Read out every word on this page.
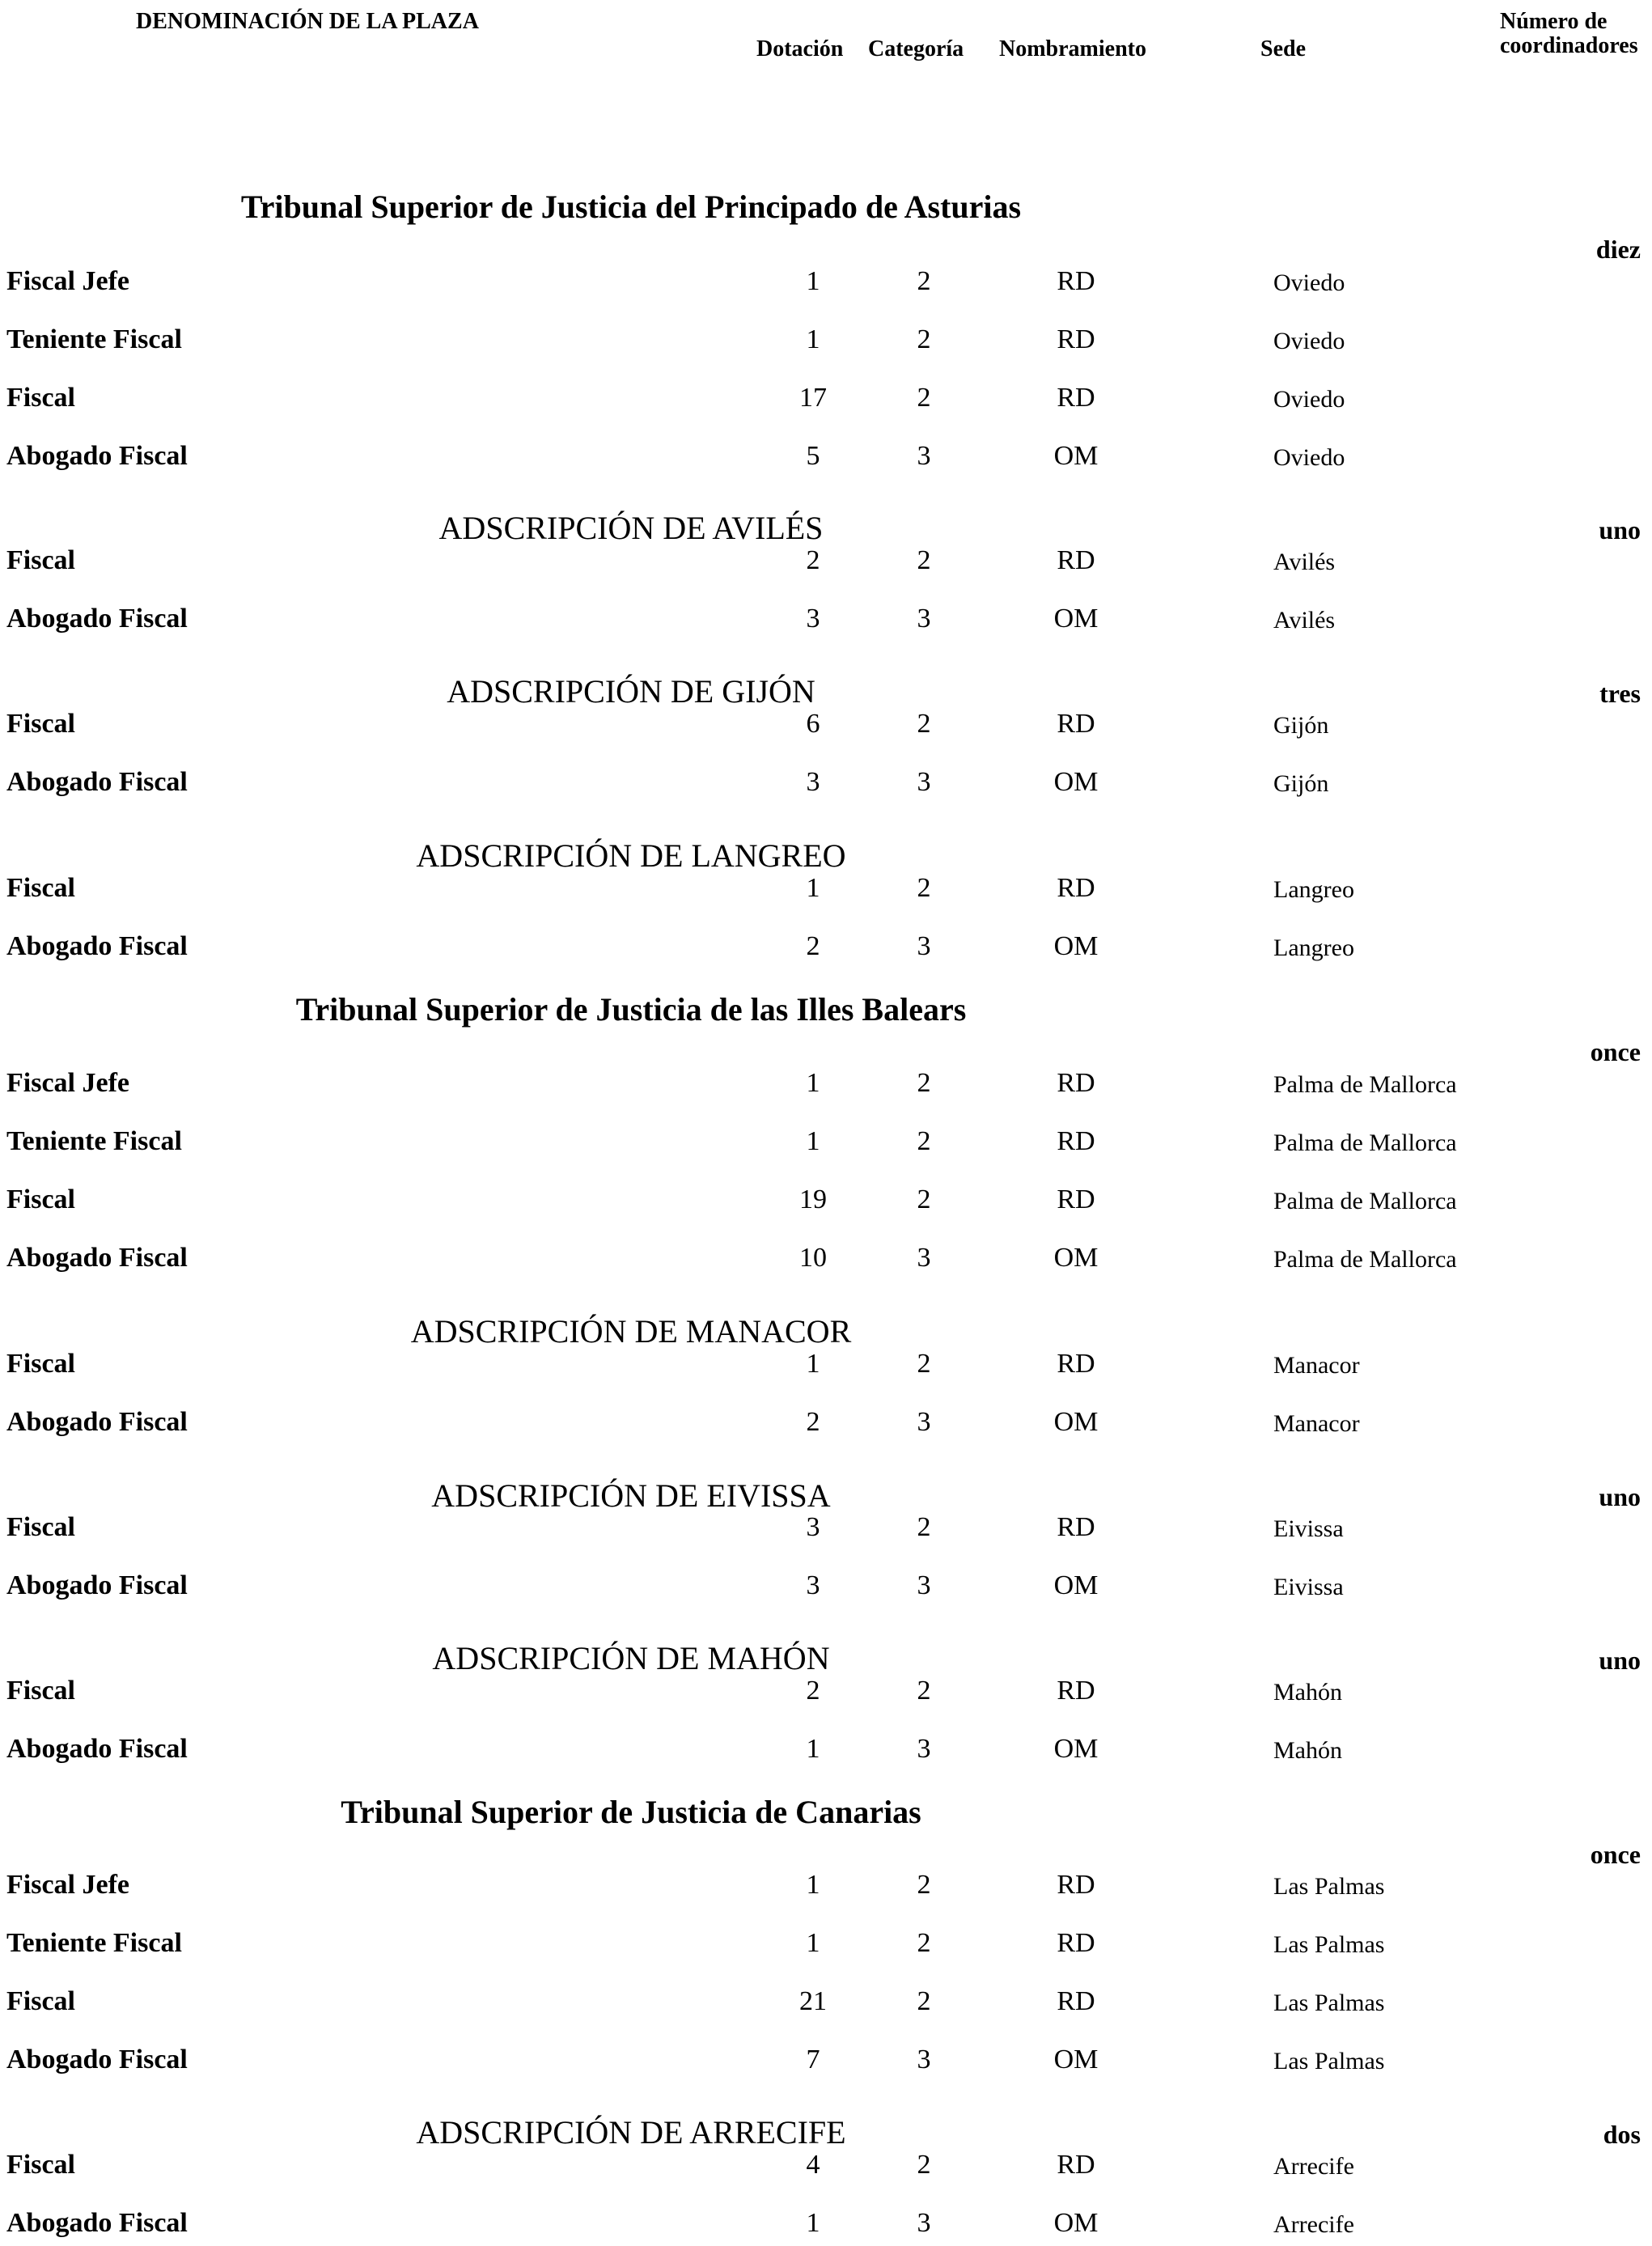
DENOMINACIÓN DE LA PLAZA
Dotación Categoría Nombramiento	Sede
Número de
coordinadores
Tribunal Superior de Justicia del Principado de Asturias
diez
Fiscal Jefe	1	2	RD	Oviedo
Teniente Fiscal	1	2	RD	Oviedo
Fiscal	17	2	RD	Oviedo
Abogado Fiscal	5	3	OM	Oviedo
ADSCRIPCIÓN DE AVILÉS	uno
Fiscal	2	2	RD	Avilés
Abogado Fiscal	3	3	OM	Avilés
ADSCRIPCIÓN DE GIJÓN	tres
Fiscal	6	2	RD	Gijón
Abogado Fiscal	3	3	OM	Gijón
ADSCRIPCIÓN DE LANGREO
Fiscal	1	2	RD	Langreo
Abogado Fiscal	2	3	OM	Langreo
Tribunal Superior de Justicia de las Illes Balears
once
Fiscal Jefe	1	2	RD	Palma de Mallorca
Teniente Fiscal	1	2	RD	Palma de Mallorca
Fiscal	19	2	RD	Palma de Mallorca
Abogado Fiscal	10	3	OM	Palma de Mallorca
ADSCRIPCIÓN DE MANACOR
Fiscal	1	2	RD	Manacor
Abogado Fiscal	2	3	OM	Manacor
ADSCRIPCIÓN DE EIVISSA	uno
Fiscal	3	2	RD	Eivissa
Abogado Fiscal	3	3	OM	Eivissa
ADSCRIPCIÓN DE MAHÓN	uno
Fiscal	2	2	RD	Mahón
Abogado Fiscal	1	3	OM	Mahón
Tribunal Superior de Justicia de Canarias
once
Fiscal Jefe	1	2	RD	Las Palmas
Teniente Fiscal	1	2	RD	Las Palmas
Fiscal	21	2	RD	Las Palmas
Abogado Fiscal	7	3	OM	Las Palmas
ADSCRIPCIÓN DE ARRECIFE	dos
Fiscal	4	2	RD	Arrecife
Abogado Fiscal	1	3	OM	Arrecife
